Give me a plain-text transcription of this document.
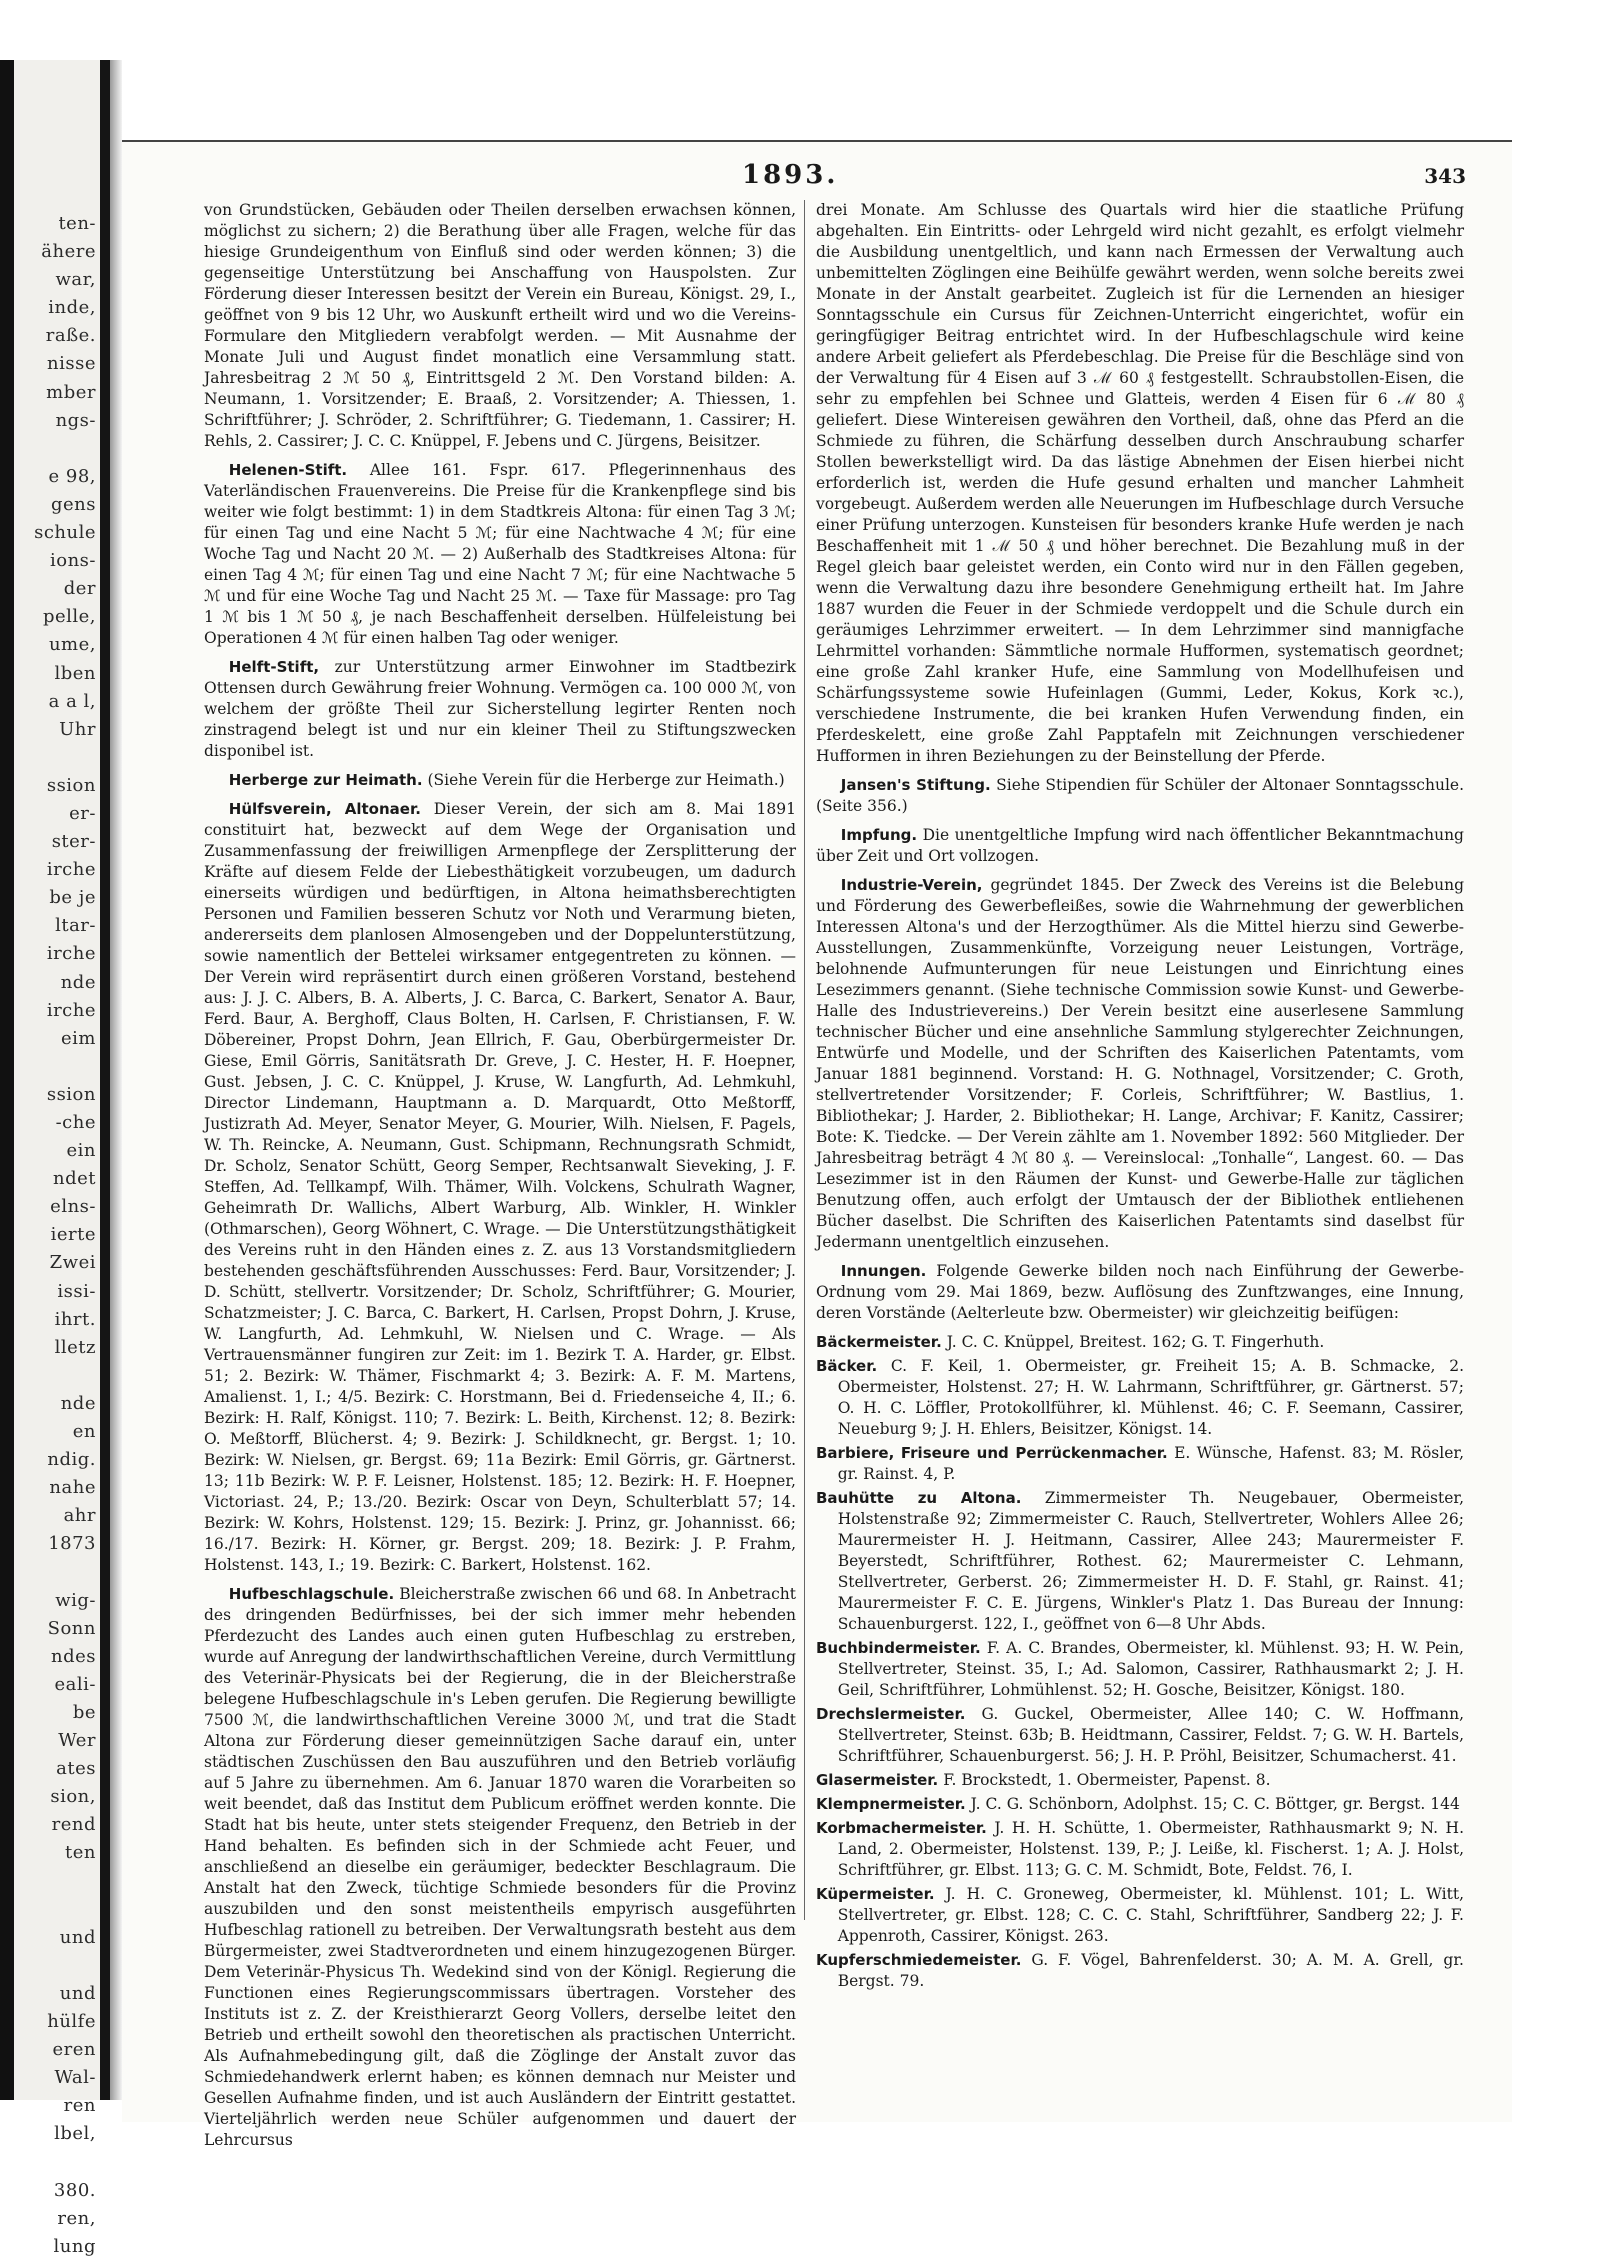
ten-
ähere
war,
inde,
raße.
nisse
mber
ngs-
e 98,
gens
schule
ions-
der
pelle,
ume,
lben
a a l,
Uhr
ssion
er-
ster-
irche
be je
ltar-
irche
nde
irche
eim
ssion
-che
ein
ndet
elns-
ierte
Zwei
issi-
ihrt.
lletz
nde
en
ndig.
nahe
ahr
1873
wig-
Sonn
ndes
eali-
be
Wer
ates
sion,
rend
ten
und
und
hülfe
eren
Wal-
ren
lbel,
380.
ren,
lung
1893.	343

von Grundstücken, Gebäuden oder Theilen derselben erwachsen können, möglichst zu sichern; 2) die Berathung über alle Fragen, welche für das hiesige Grundeigenthum von Einfluß sind oder werden können; 3) die gegenseitige Unterstützung bei Anschaffung von Hauspolsten. Zur Förderung dieser Interessen besitzt der Verein ein Bureau, Königst. 29, I., geöffnet von 9 bis 12 Uhr, wo Auskunft ertheilt wird und wo die Vereins-Formulare den Mitgliedern verabfolgt werden. — Mit Ausnahme der Monate Juli und August findet monatlich eine Versammlung statt. Jahresbeitrag 2 ℳ 50 ₰, Eintrittsgeld 2 ℳ. Den Vorstand bilden: A. Neumann, 1. Vorsitzender; E. Braaß, 2. Vorsitzender; A. Thiessen, 1. Schriftführer; J. Schröder, 2. Schriftführer; G. Tiedemann, 1. Cassirer; H. Rehls, 2. Cassirer; J. C. C. Knüppel, F. Jebens und C. Jürgens, Beisitzer.

Helenen-Stift. Allee 161. Fspr. 617. Pflegerinnenhaus des Vaterländischen Frauenvereins. Die Preise für die Krankenpflege sind bis weiter wie folgt bestimmt: 1) in dem Stadtkreis Altona: für einen Tag 3 ℳ; für einen Tag und eine Nacht 5 ℳ; für eine Nachtwache 4 ℳ; für eine Woche Tag und Nacht 20 ℳ. — 2) Außerhalb des Stadtkreises Altona: für einen Tag 4 ℳ; für einen Tag und eine Nacht 7 ℳ; für eine Nachtwache 5 ℳ und für eine Woche Tag und Nacht 25 ℳ. — Taxe für Massage: pro Tag 1 ℳ bis 1 ℳ 50 ₰, je nach Beschaffenheit derselben. Hülfeleistung bei Operationen 4 ℳ für einen halben Tag oder weniger.

Helft-Stift, zur Unterstützung armer Einwohner im Stadtbezirk Ottensen durch Gewährung freier Wohnung. Vermögen ca. 100 000 ℳ, von welchem der größte Theil zur Sicherstellung legirter Renten noch zinstragend belegt ist und nur ein kleiner Theil zu Stiftungszwecken disponibel ist.

Herberge zur Heimath. (Siehe Verein für die Herberge zur Heimath.)

Hülfsverein, Altonaer. Dieser Verein, der sich am 8. Mai 1891 constituirt hat, bezweckt auf dem Wege der Organisation und Zusammenfassung der freiwilligen Armenpflege der Zersplitterung der Kräfte auf diesem Felde der Liebesthätigkeit vorzubeugen, um dadurch einerseits würdigen und bedürftigen, in Altona heimathsberechtigten Personen und Familien besseren Schutz vor Noth und Verarmung bieten, andererseits dem planlosen Almosengeben und der Doppelunterstützung, sowie namentlich der Bettelei wirksamer entgegentreten zu können. — Der Verein wird repräsentirt durch einen größeren Vorstand, bestehend aus: J. J. C. Albers, B. A. Alberts, J. C. Barca, C. Barkert, Senator A. Baur, Ferd. Baur, A. Berghoff, Claus Bolten, H. Carlsen, F. Christiansen, F. W. Döbereiner, Propst Dohrn, Jean Ellrich, F. Gau, Oberbürgermeister Dr. Giese, Emil Görris, Sanitätsrath Dr. Greve, J. C. Hester, H. F. Hoepner, Gust. Jebsen, J. C. C. Knüppel, J. Kruse, W. Langfurth, Ad. Lehmkuhl, Director Lindemann, Hauptmann a. D. Marquardt, Otto Meßtorff, Justizrath Ad. Meyer, Senator Meyer, G. Mourier, Wilh. Nielsen, F. Pagels, W. Th. Reincke, A. Neumann, Gust. Schipmann, Rechnungsrath Schmidt, Dr. Scholz, Senator Schütt, Georg Semper, Rechtsanwalt Sieveking, J. F. Steffen, Ad. Tellkampf, Wilh. Thämer, Wilh. Volckens, Schulrath Wagner, Geheimrath Dr. Wallichs, Albert Warburg, Alb. Winkler, H. Winkler (Othmarschen), Georg Wöhnert, C. Wrage. — Die Unterstützungsthätigkeit des Vereins ruht in den Händen eines z. Z. aus 13 Vorstandsmitgliedern bestehenden geschäftsführenden Ausschusses: Ferd. Baur, Vorsitzender; J. D. Schütt, stellvertr. Vorsitzender; Dr. Scholz, Schriftführer; G. Mourier, Schatzmeister; J. C. Barca, C. Barkert, H. Carlsen, Propst Dohrn, J. Kruse, W. Langfurth, Ad. Lehmkuhl, W. Nielsen und C. Wrage. — Als Vertrauensmänner fungiren zur Zeit: im 1. Bezirk T. A. Harder, gr. Elbst. 51; 2. Bezirk: W. Thämer, Fischmarkt 4; 3. Bezirk: A. F. M. Martens, Amalienst. 1, I.; 4/5. Bezirk: C. Horstmann, Bei d. Friedenseiche 4, II.; 6. Bezirk: H. Ralf, Königst. 110; 7. Bezirk: L. Beith, Kirchenst. 12; 8. Bezirk: O. Meßtorff, Blücherst. 4; 9. Bezirk: J. Schildknecht, gr. Bergst. 1; 10. Bezirk: W. Nielsen, gr. Bergst. 69; 11a Bezirk: Emil Görris, gr. Gärtnerst. 13; 11b Bezirk: W. P. F. Leisner, Holstenst. 185; 12. Bezirk: H. F. Hoepner, Victoriast. 24, P.; 13./20. Bezirk: Oscar von Deyn, Schulterblatt 57; 14. Bezirk: W. Kohrs, Holstenst. 129; 15. Bezirk: J. Prinz, gr. Johannisst. 66; 16./17. Bezirk: H. Körner, gr. Bergst. 209; 18. Bezirk: J. P. Frahm, Holstenst. 143, I.; 19. Bezirk: C. Barkert, Holstenst. 162.

Hufbeschlagschule. Bleicherstraße zwischen 66 und 68. In Anbetracht des dringenden Bedürfnisses, bei der sich immer mehr hebenden Pferdezucht des Landes auch einen guten Hufbeschlag zu erstreben, wurde auf Anregung der landwirthschaftlichen Vereine, durch Vermittlung des Veterinär-Physicats bei der Regierung, die in der Bleicherstraße belegene Hufbeschlagschule in's Leben gerufen. Die Regierung bewilligte 7500 ℳ, die landwirthschaftlichen Vereine 3000 ℳ, und trat die Stadt Altona zur Förderung dieser gemeinnützigen Sache darauf ein, unter städtischen Zuschüssen den Bau auszuführen und den Betrieb vorläufig auf 5 Jahre zu übernehmen. Am 6. Januar 1870 waren die Vorarbeiten so weit beendet, daß das Institut dem Publicum eröffnet werden konnte. Die Stadt hat bis heute, unter stets steigender Frequenz, den Betrieb in der Hand behalten. Es befinden sich in der Schmiede acht Feuer, und anschließend an dieselbe ein geräumiger, bedeckter Beschlagraum. Die Anstalt hat den Zweck, tüchtige Schmiede besonders für die Provinz auszubilden und den sonst meistentheils empyrisch ausgeführten Hufbeschlag rationell zu betreiben. Der Verwaltungsrath besteht aus dem Bürgermeister, zwei Stadtverordneten und einem hinzugezogenen Bürger. Dem Veterinär-Physicus Th. Wedekind sind von der Königl. Regierung die Functionen eines Regierungscommissars übertragen. Vorsteher des Instituts ist z. Z. der Kreisthierarzt Georg Vollers, derselbe leitet den Betrieb und ertheilt sowohl den theoretischen als practischen Unterricht. Als Aufnahmebedingung gilt, daß die Zöglinge der Anstalt zuvor das Schmiedehandwerk erlernt haben; es können demnach nur Meister und Gesellen Aufnahme finden, und ist auch Ausländern der Eintritt gestattet. Vierteljährlich werden neue Schüler aufgenommen und dauert der Lehrcursus

drei Monate. Am Schlusse des Quartals wird hier die staatliche Prüfung abgehalten. Ein Eintritts- oder Lehrgeld wird nicht gezahlt, es erfolgt vielmehr die Ausbildung unentgeltlich, und kann nach Ermessen der Verwaltung auch unbemittelten Zöglingen eine Beihülfe gewährt werden, wenn solche bereits zwei Monate in der Anstalt gearbeitet. Zugleich ist für die Lernenden an hiesiger Sonntagsschule ein Cursus für Zeichnen-Unterricht eingerichtet, wofür ein geringfügiger Beitrag entrichtet wird. In der Hufbeschlagschule wird keine andere Arbeit geliefert als Pferdebeschlag. Die Preise für die Beschläge sind von der Verwaltung für 4 Eisen auf 3 ℳ 60 ₰ festgestellt. Schraubstollen-Eisen, die sehr zu empfehlen bei Schnee und Glatteis, werden 4 Eisen für 6 ℳ 80 ₰ geliefert. Diese Wintereisen gewähren den Vortheil, daß, ohne das Pferd an die Schmiede zu führen, die Schärfung desselben durch Anschraubung scharfer Stollen bewerkstelligt wird. Da das lästige Abnehmen der Eisen hierbei nicht erforderlich ist, werden die Hufe gesund erhalten und mancher Lahmheit vorgebeugt. Außerdem werden alle Neuerungen im Hufbeschlage durch Versuche einer Prüfung unterzogen. Kunsteisen für besonders kranke Hufe werden je nach Beschaffenheit mit 1 ℳ 50 ₰ und höher berechnet. Die Bezahlung muß in der Regel gleich baar geleistet werden, ein Conto wird nur in den Fällen gegeben, wenn die Verwaltung dazu ihre besondere Genehmigung ertheilt hat. Im Jahre 1887 wurden die Feuer in der Schmiede verdoppelt und die Schule durch ein geräumiges Lehrzimmer erweitert. — In dem Lehrzimmer sind mannigfache Lehrmittel vorhanden: Sämmtliche normale Hufformen, systematisch geordnet; eine große Zahl kranker Hufe, eine Sammlung von Modellhufeisen und Schärfungssysteme sowie Hufeinlagen (Gummi, Leder, Kokus, Kork ꝛc.), verschiedene Instrumente, die bei kranken Hufen Verwendung finden, ein Pferdeskelett, eine große Zahl Papptafeln mit Zeichnungen verschiedener Hufformen in ihren Beziehungen zu der Beinstellung der Pferde.

Jansen's Stiftung. Siehe Stipendien für Schüler der Altonaer Sonntagsschule. (Seite 356.)

Impfung. Die unentgeltliche Impfung wird nach öffentlicher Bekanntmachung über Zeit und Ort vollzogen.

Industrie-Verein, gegründet 1845. Der Zweck des Vereins ist die Belebung und Förderung des Gewerbefleißes, sowie die Wahrnehmung der gewerblichen Interessen Altona's und der Herzogthümer. Als die Mittel hierzu sind Gewerbe-Ausstellungen, Zusammenkünfte, Vorzeigung neuer Leistungen, Vorträge, belohnende Aufmunterungen für neue Leistungen und Einrichtung eines Lesezimmers genannt. (Siehe technische Commission sowie Kunst- und Gewerbe-Halle des Industrievereins.) Der Verein besitzt eine auserlesene Sammlung technischer Bücher und eine ansehnliche Sammlung stylgerechter Zeichnungen, Entwürfe und Modelle, und der Schriften des Kaiserlichen Patentamts, vom Januar 1881 beginnend. Vorstand: H. G. Nothnagel, Vorsitzender; C. Groth, stellvertretender Vorsitzender; F. Corleis, Schriftführer; W. Bastlius, 1. Bibliothekar; J. Harder, 2. Bibliothekar; H. Lange, Archivar; F. Kanitz, Cassirer; Bote: K. Tiedcke. — Der Verein zählte am 1. November 1892: 560 Mitglieder. Der Jahresbeitrag beträgt 4 ℳ 80 ₰. — Vereinslocal: „Tonhalle“, Langest. 60. — Das Lesezimmer ist in den Räumen der Kunst- und Gewerbe-Halle zur täglichen Benutzung offen, auch erfolgt der Umtausch der der Bibliothek entliehenen Bücher daselbst. Die Schriften des Kaiserlichen Patentamts sind daselbst für Jedermann unentgeltlich einzusehen.

Innungen. Folgende Gewerke bilden noch nach Einführung der Gewerbe-Ordnung vom 29. Mai 1869, bezw. Auflösung des Zunftzwanges, eine Innung, deren Vorstände (Aelterleute bzw. Obermeister) wir gleichzeitig beifügen:

Bäckermeister. J. C. C. Knüppel, Breitest. 162; G. T. Fingerhuth.

Bäcker. C. F. Keil, 1. Obermeister, gr. Freiheit 15; A. B. Schmacke, 2. Obermeister, Holstenst. 27; H. W. Lahrmann, Schriftführer, gr. Gärtnerst. 57; O. H. C. Löffler, Protokollführer, kl. Mühlenst. 46; C. F. Seemann, Cassirer, Neueburg 9; J. H. Ehlers, Beisitzer, Königst. 14.

Barbiere, Friseure und Perrückenmacher. E. Wünsche, Hafenst. 83; M. Rösler, gr. Rainst. 4, P.

Bauhütte zu Altona. Zimmermeister Th. Neugebauer, Obermeister, Holstenstraße 92; Zimmermeister C. Rauch, Stellvertreter, Wohlers Allee 26; Maurermeister H. J. Heitmann, Cassirer, Allee 243; Maurermeister F. Beyerstedt, Schriftführer, Rothest. 62; Maurermeister C. Lehmann, Stellvertreter, Gerberst. 26; Zimmermeister H. D. F. Stahl, gr. Rainst. 41; Maurermeister F. C. E. Jürgens, Winkler's Platz 1. Das Bureau der Innung: Schauenburgerst. 122, I., geöffnet von 6—8 Uhr Abds.

Buchbindermeister. F. A. C. Brandes, Obermeister, kl. Mühlenst. 93; H. W. Pein, Stellvertreter, Steinst. 35, I.; Ad. Salomon, Cassirer, Rathhausmarkt 2; J. H. Geil, Schriftführer, Lohmühlenst. 52; H. Gosche, Beisitzer, Königst. 180.

Drechslermeister. G. Guckel, Obermeister, Allee 140; C. W. Hoffmann, Stellvertreter, Steinst. 63b; B. Heidtmann, Cassirer, Feldst. 7; G. W. H. Bartels, Schriftführer, Schauenburgerst. 56; J. H. P. Pröhl, Beisitzer, Schumacherst. 41.

Glasermeister. F. Brockstedt, 1. Obermeister, Papenst. 8.

Klempnermeister. J. C. G. Schönborn, Adolphst. 15; C. C. Böttger, gr. Bergst. 144

Korbmachermeister. J. H. H. Schütte, 1. Obermeister, Rathhausmarkt 9; N. H. Land, 2. Obermeister, Holstenst. 139, P.; J. Leiße, kl. Fischerst. 1; A. J. Holst, Schriftführer, gr. Elbst. 113; G. C. M. Schmidt, Bote, Feldst. 76, I.

Küpermeister. J. H. C. Groneweg, Obermeister, kl. Mühlenst. 101; L. Witt, Stellvertreter, gr. Elbst. 128; C. C. C. Stahl, Schriftführer, Sandberg 22; J. F. Appenroth, Cassirer, Königst. 263.

Kupferschmiedemeister. G. F. Vögel, Bahrenfelderst. 30; A. M. A. Grell, gr. Bergst. 79.
